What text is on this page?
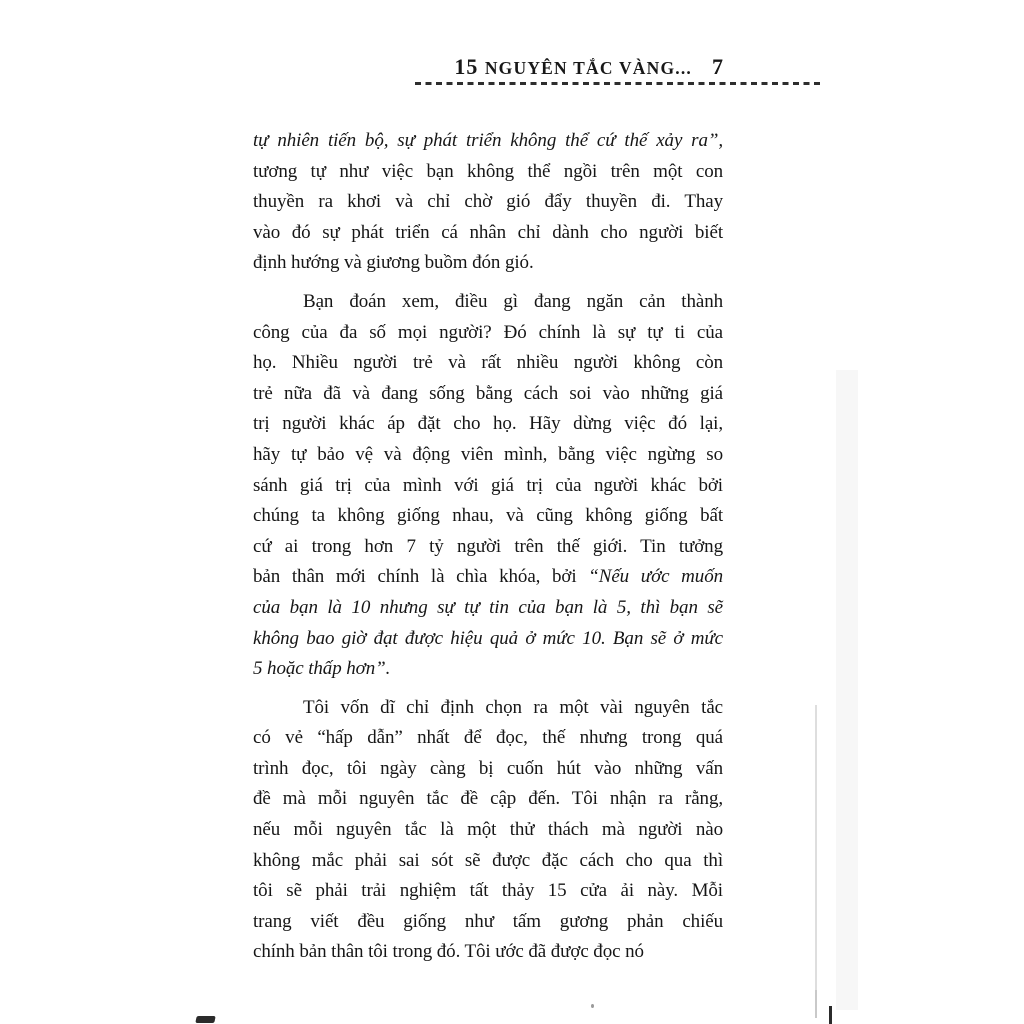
15 NGUYÊN TẮC VÀNG... 7
tự nhiên tiến bộ, sự phát triển không thể cứ thế xảy ra”,
tương tự như việc bạn không thể ngồi trên một con
thuyền ra khơi và chỉ chờ gió đẩy thuyền đi. Thay
vào đó sự phát triển cá nhân chỉ dành cho người biết
định hướng và giương buồm đón gió.
Bạn đoán xem, điều gì đang ngăn cản thành
công của đa số mọi người? Đó chính là sự tự ti của
họ. Nhiều người trẻ và rất nhiều người không còn
trẻ nữa đã và đang sống bằng cách soi vào những giá
trị người khác áp đặt cho họ. Hãy dừng việc đó lại,
hãy tự bảo vệ và động viên mình, bằng việc ngừng so
sánh giá trị của mình với giá trị của người khác bởi
chúng ta không giống nhau, và cũng không giống bất
cứ ai trong hơn 7 tỷ người trên thế giới. Tin tưởng
bản thân mới chính là chìa khóa, bởi “Nếu ước muốn
của bạn là 10 nhưng sự tự tin của bạn là 5, thì bạn sẽ
không bao giờ đạt được hiệu quả ở mức 10. Bạn sẽ ở mức
5 hoặc thấp hơn”.
Tôi vốn dĩ chỉ định chọn ra một vài nguyên tắc
có vẻ “hấp dẫn” nhất để đọc, thế nhưng trong quá
trình đọc, tôi ngày càng bị cuốn hút vào những vấn
đề mà mỗi nguyên tắc đề cập đến. Tôi nhận ra rằng,
nếu mỗi nguyên tắc là một thử thách mà người nào
không mắc phải sai sót sẽ được đặc cách cho qua thì
tôi sẽ phải trải nghiệm tất thảy 15 cửa ải này. Mỗi
trang viết đều giống như tấm gương phản chiếu
chính bản thân tôi trong đó. Tôi ước đã được đọc nó
